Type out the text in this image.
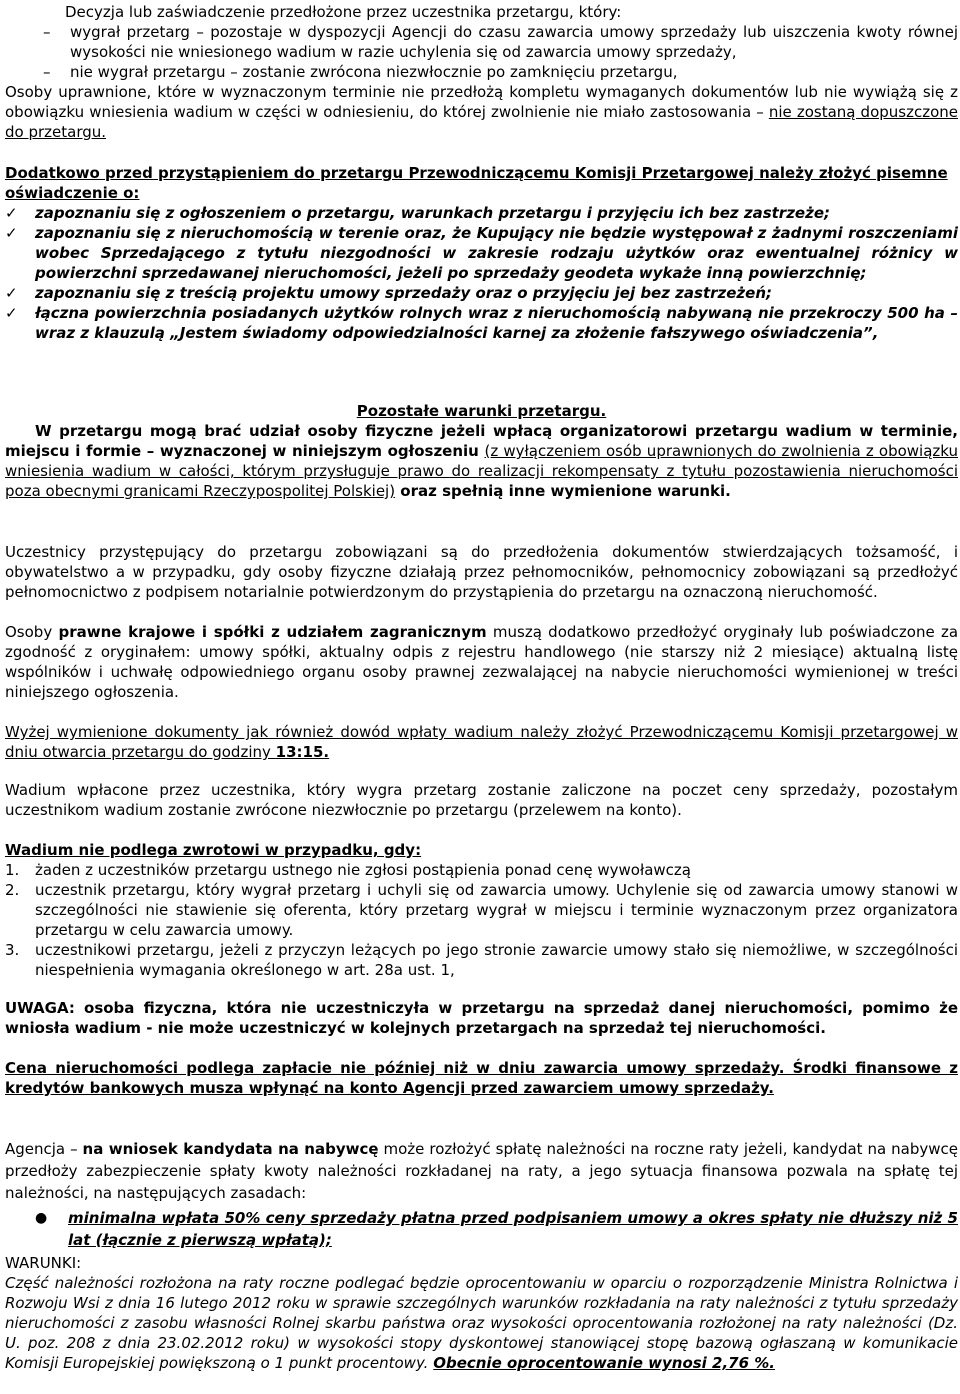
Decyzja lub zaświadczenie przedłożone przez uczestnika przetargu, który:
–	wygrał przetarg – pozostaje w dyspozycji Agencji do czasu zawarcia umowy sprzedaży lub uiszczenia kwoty równej wysokości nie wniesionego wadium w razie uchylenia się od zawarcia umowy sprzedaży,
–	nie wygrał przetargu – zostanie zwrócona niezwłocznie po zamknięciu przetargu,
Osoby uprawnione, które w wyznaczonym terminie nie przedłożą kompletu wymaganych dokumentów lub nie wywiążą się z obowiązku wniesienia wadium w części w odniesieniu, do której zwolnienie nie miało zastosowania – nie zostaną dopuszczone do przetargu.
Dodatkowo przed przystąpieniem do przetargu Przewodniczącemu Komisji Przetargowej należy złożyć pisemne oświadczenie o:
✓	zapoznaniu się z ogłoszeniem o przetargu, warunkach przetargu i przyjęciu ich bez zastrzeże;
✓	zapoznaniu się z nieruchomością w terenie oraz, że Kupujący nie będzie występował z żadnymi roszczeniami wobec Sprzedającego z tytułu niezgodności w zakresie rodzaju użytków oraz ewentualnej różnicy w powierzchni sprzedawanej nieruchomości, jeżeli po sprzedaży geodeta wykaże inną powierzchnię;
✓	zapoznaniu się z treścią projektu umowy sprzedaży oraz o przyjęciu jej bez zastrzeżeń;
✓	łączna powierzchnia posiadanych użytków rolnych wraz z nieruchomością nabywaną nie przekroczy 500 ha – wraz z klauzulą „Jestem świadomy odpowiedzialności karnej za złożenie fałszywego oświadczenia”,
Pozostałe warunki przetargu.
W przetargu mogą brać udział osoby fizyczne jeżeli wpłacą organizatorowi przetargu wadium w terminie, miejscu i formie – wyznaczonej w niniejszym ogłoszeniu (z wyłączeniem osób uprawnionych do zwolnienia z obowiązku wniesienia wadium w całości, którym przysługuje prawo do realizacji rekompensaty z tytułu pozostawienia nieruchomości poza obecnymi granicami Rzeczypospolitej Polskiej) oraz spełnią inne wymienione warunki.
Uczestnicy przystępujący do przetargu zobowiązani są do przedłożenia dokumentów stwierdzających tożsamość, i obywatelstwo a w przypadku, gdy osoby fizyczne działają przez pełnomocników, pełnomocnicy zobowiązani są przedłożyć pełnomocnictwo z podpisem notarialnie potwierdzonym do przystąpienia do przetargu na oznaczoną nieruchomość.
Osoby prawne krajowe i spółki z udziałem zagranicznym muszą dodatkowo przedłożyć oryginały lub poświadczone za zgodność z oryginałem: umowy spółki, aktualny odpis z rejestru handlowego (nie starszy niż 2 miesiące) aktualną listę wspólników i uchwałę odpowiedniego organu osoby prawnej zezwalającej na nabycie nieruchomości wymienionej w treści niniejszego ogłoszenia.
Wyżej wymienione dokumenty jak również dowód wpłaty wadium należy złożyć Przewodniczącemu Komisji przetargowej w dniu otwarcia przetargu do godziny 13:15.
Wadium wpłacone przez uczestnika, który wygra przetarg zostanie zaliczone na poczet ceny sprzedaży, pozostałym uczestnikom wadium zostanie zwrócone niezwłocznie po przetargu (przelewem na konto).
Wadium nie podlega zwrotowi w przypadku, gdy:
1.	żaden z uczestników przetargu ustnego nie zgłosi postąpienia ponad cenę wywoławczą
2.	uczestnik przetargu, który wygrał przetarg i uchyli się od zawarcia umowy. Uchylenie się od zawarcia umowy stanowi w szczególności nie stawienie się oferenta, który przetarg wygrał w miejscu i terminie wyznaczonym przez organizatora przetargu w celu zawarcia umowy.
3.	uczestnikowi przetargu, jeżeli z przyczyn leżących po jego stronie zawarcie umowy stało się niemożliwe, w szczególności niespełnienia wymagania określonego w art. 28a ust. 1,
UWAGA: osoba fizyczna, która nie uczestniczyła w przetargu na sprzedaż danej nieruchomości, pomimo że wniosła wadium - nie może uczestniczyć w kolejnych przetargach na sprzedaż tej nieruchomości.
Cena nieruchomości podlega zapłacie nie później niż w dniu zawarcia umowy sprzedaży. Środki finansowe z kredytów bankowych musza wpłynąć na konto Agencji przed zawarciem umowy sprzedaży.
Agencja – na wniosek kandydata na nabywcę może rozłożyć spłatę należności na roczne raty jeżeli, kandydat na nabywcę przedłoży zabezpieczenie spłaty kwoty należności rozkładanej na raty, a jego sytuacja finansowa pozwala na spłatę tej należności, na następujących zasadach:
●	minimalna wpłata 50% ceny sprzedaży płatna przed podpisaniem umowy a okres spłaty nie dłuższy niż 5 lat (łącznie z pierwszą wpłatą);
WARUNKI:
Część należności rozłożona na raty roczne podlegać będzie oprocentowaniu w oparciu o rozporządzenie Ministra Rolnictwa i Rozwoju Wsi z dnia 16 lutego 2012 roku w sprawie szczególnych warunków rozkładania na raty należności z tytułu sprzedaży nieruchomości z zasobu własności Rolnej skarbu państwa oraz wysokości oprocentowania rozłożonej na raty należności (Dz. U. poz. 208 z dnia 23.02.2012 roku) w wysokości stopy dyskontowej stanowiącej stopę bazową ogłaszaną w komunikacie Komisji Europejskiej powiększoną o 1 punkt procentowy. Obecnie oprocentowanie wynosi 2,76 %.
